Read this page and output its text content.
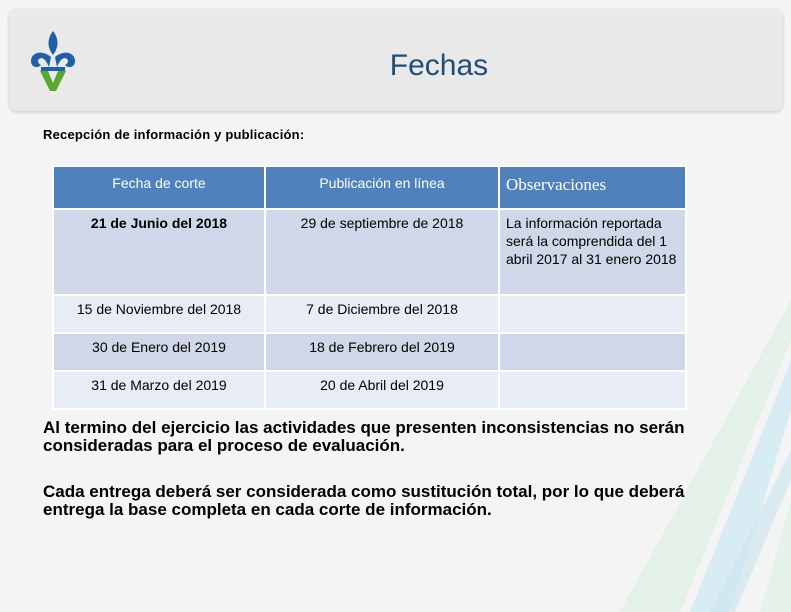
Fechas
Recepción de información y publicación:
Fecha de corte	Publicación en línea	Observaciones
21 de Junio del 2018	29 de septiembre de 2018	La información reportada será la comprendida del 1 abril 2017 al 31 enero 2018
15 de Noviembre del 2018	7 de Diciembre del 2018	
30 de Enero del 2019	18 de Febrero del 2019	
31 de Marzo del 2019	20 de Abril del 2019	
Al termino del ejercicio las actividades que presenten inconsistencias no serán consideradas para el proceso de evaluación.
Cada entrega deberá ser considerada como sustitución total, por lo que deberá entrega la base completa en cada corte de información.
